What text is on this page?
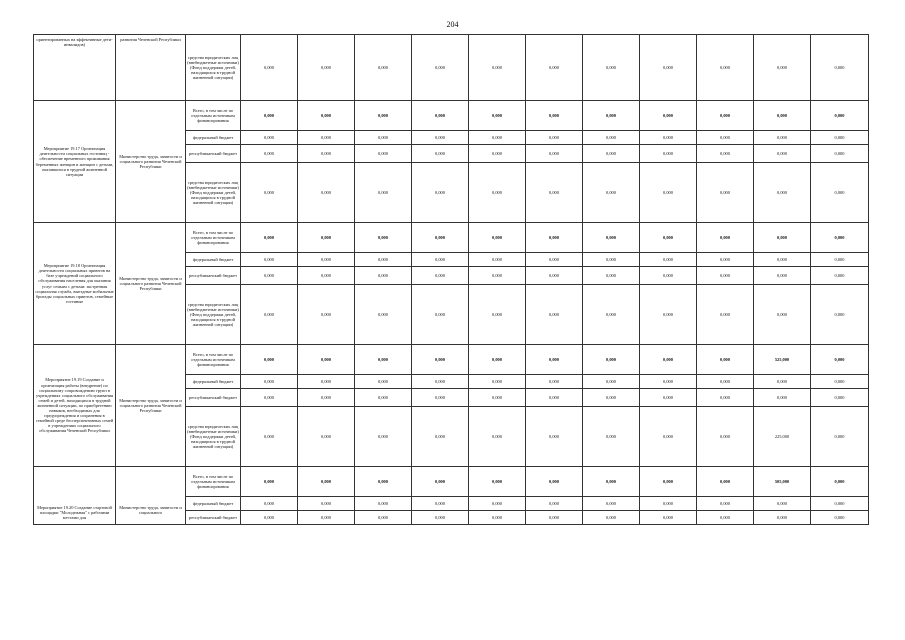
204
ориентированных на эффективные дети-инвалидов)	развития Чеченской Республики	средства юридических лиц (внебюджетные источники) (Фонд поддержки детей, находящихся в трудной жизненной ситуации)	0,000	0,000	0,000	0,000	0,000	0,000	0,000	0,000	0,000	0,000	0,000
Мероприятие 19.17 Организация деятельности социальных гостиниц - обеспечение временного проживания беременных женщин и женщин с детьми, оказавшихся в трудной жизненной ситуации	Министерство труда, занятости и социального развития Чеченской Республики	Всего, в том числе по отдельным источникам финансирования	0,000	0,000	0,000	0,000	0,000	0,000	0,000	0,000	0,000	0,000	0,000
		федеральный бюджет	0,000	0,000	0,000	0,000	0,000	0,000	0,000	0,000	0,000	0,000	0,000
		республиканский бюджет	0,000	0,000	0,000	0,000	0,000	0,000	0,000	0,000	0,000	0,000	0,000
		средства юридических лиц (внебюджетные источники) (Фонд поддержки детей, находящихся в трудной жизненной ситуации)	0,000	0,000	0,000	0,000	0,000	0,000	0,000	0,000	0,000	0,000	0,000
Мероприятие 19.18 Организация деятельности социальных приютов на базе учреждений социального обслуживания населения для оказания услуг семьям с детьми: экстренная социальная служба, выездные мобильные бригады социальных приютов, семейные гостиные	Министерство труда, занятости и социального развития Чеченской Республики	Всего, в том числе по отдельным источникам финансирования	0,000	0,000	0,000	0,000	0,000	0,000	0,000	0,000	0,000	0,000	0,000
		федеральный бюджет	0,000	0,000	0,000	0,000	0,000	0,000	0,000	0,000	0,000	0,000	0,000
		республиканский бюджет	0,000	0,000	0,000	0,000	0,000	0,000	0,000	0,000	0,000	0,000	0,000
		средства юридических лиц (внебюджетные источники) (Фонд поддержки детей, находящихся в трудной жизненной ситуации)	0,000	0,000	0,000	0,000	0,000	0,000	0,000	0,000	0,000	0,000	0,000
Мероприятие 19.19 Создание и организация работы (внедрение) по социальному сопровождению групп в учреждениях социального обслуживания семей и детей, находящихся в трудной жизненной ситуации, по приобретению навыков, необходимых для предупреждения и сохранения в семейной среде бесперспективных семей в учреждениях социального обслуживания Чеченской Республики	Министерство труда, занятости и социального развития Чеченской Республики	Всего, в том числе по отдельным источникам финансирования	0,000	0,000	0,000	0,000	0,000	0,000	0,000	0,000	0,000	525,000	0,000
		федеральный бюджет	0,000	0,000	0,000	0,000	0,000	0,000	0,000	0,000	0,000	0,000	0,000
		республиканский бюджет	0,000	0,000	0,000	0,000	0,000	0,000	0,000	0,000	0,000	0,000	0,000
		средства юридических лиц (внебюджетные источники) (Фонд поддержки детей, находящихся в трудной жизненной ситуации)	0,000	0,000	0,000	0,000	0,000	0,000	0,000	0,000	0,000	225,000	0,000
Мероприятие 19.20 Создание стартовой площадки "Молодежная" с рабочими местами для	Министерство труда, занятости и социального	Всего, в том числе по отдельным источникам финансирования	0,000	0,000	0,000	0,000	0,000	0,000	0,000	0,000	0,000	505,000	0,000
		федеральный бюджет	0,000	0,000	0,000	0,000	0,000	0,000	0,000	0,000	0,000	0,000	0,000
		республиканский бюджет	0,000	0,000	0,000	0,000	0,000	0,000	0,000	0,000	0,000	0,000	0,000
